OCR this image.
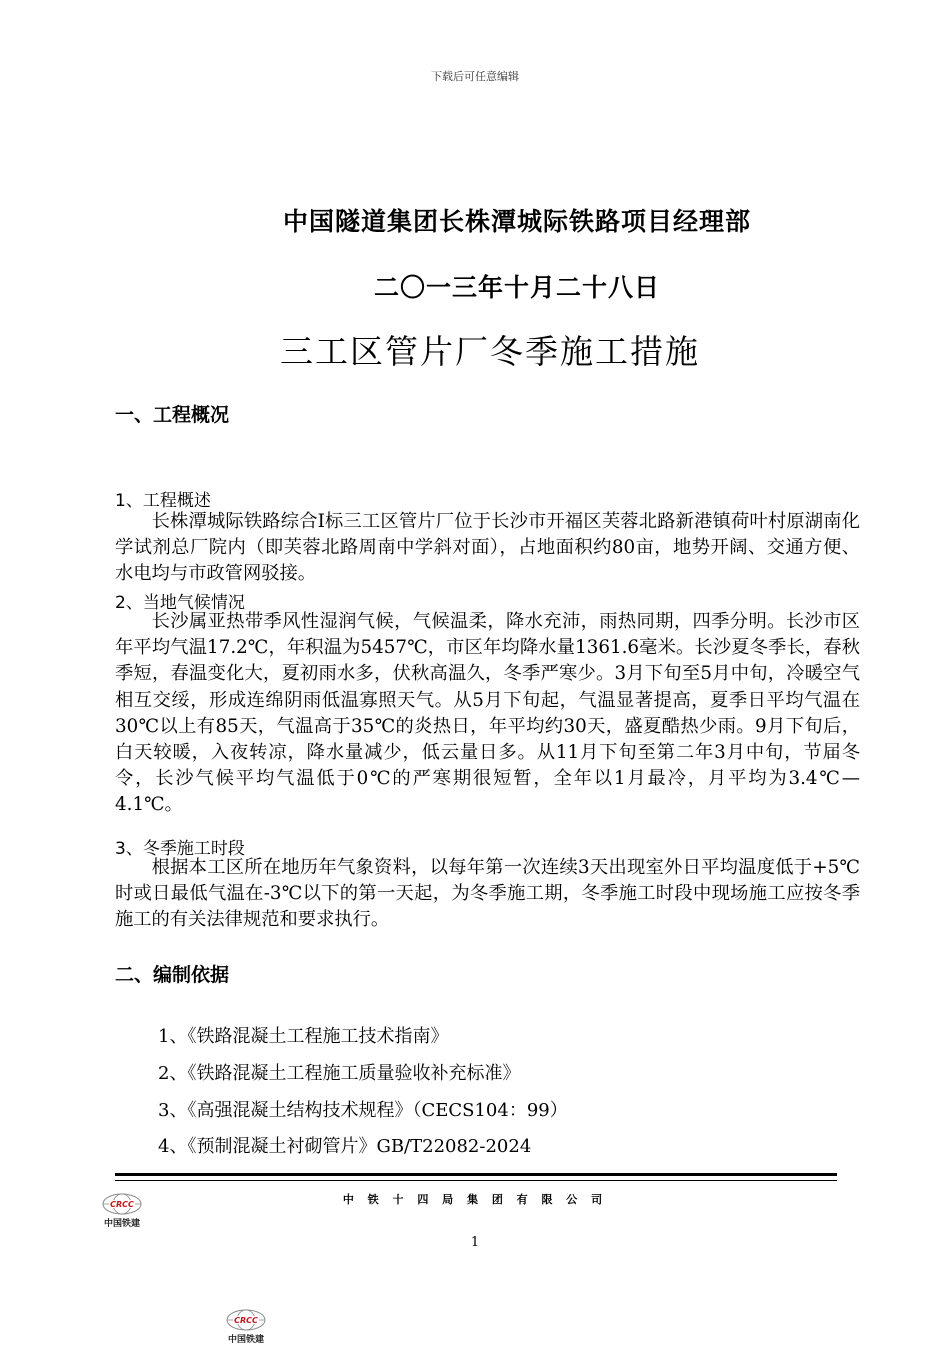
下载后可任意编辑
中国隧道集团长株潭城际铁路项目经理部
二〇一三年十月二十八日
三工区管片厂冬季施工措施
一、工程概况
1、工程概述

长株潭城际铁路综合Ⅰ标三工区管片厂位于长沙市开福区芙蓉北路新港镇荷叶村原湖南化学试剂总厂院内（即芙蓉北路周南中学斜对面），占地面积约80亩，地势开阔、交通方便、水电均与市政管网驳接。

2、当地气候情况

长沙属亚热带季风性湿润气候，气候温柔，降水充沛，雨热同期，四季分明。长沙市区年平均气温17.2℃，年积温为5457℃，市区年均降水量1361.6毫米。长沙夏冬季长，春秋季短，春温变化大，夏初雨水多，伏秋高温久，冬季严寒少。3月下旬至5月中旬，冷暖空气相互交绥，形成连绵阴雨低温寡照天气。从5月下旬起，气温显著提高，夏季日平均气温在30℃以上有85天，气温高于35℃的炎热日，年平均约30天，盛夏酷热少雨。9月下旬后，白天较暖，入夜转凉，降水量减少，低云量日多。从11月下旬至第二年3月中旬，节届冬令，长沙气候平均气温低于0℃的严寒期很短暂，全年以1月最冷，月平均为3.4℃—4.1℃。

3、冬季施工时段

根据本工区所在地历年气象资料，以每年第一次连续3天出现室外日平均温度低于+5℃时或日最低气温在-3℃以下的第一天起，为冬季施工期，冬季施工时段中现场施工应按冬季施工的有关法律规范和要求执行。

二、编制依据
1、《铁路混凝土工程施工技术指南》
2、《铁路混凝土工程施工质量验收补充标准》
3、《高强混凝土结构技术规程》（CECS104：99）
4、《预制混凝土衬砌管片》GB/T22082-2024
中 铁 十 四 局 集 团 有 限 公 司
CRCC
中国铁建
1
CRCC
中国铁建
